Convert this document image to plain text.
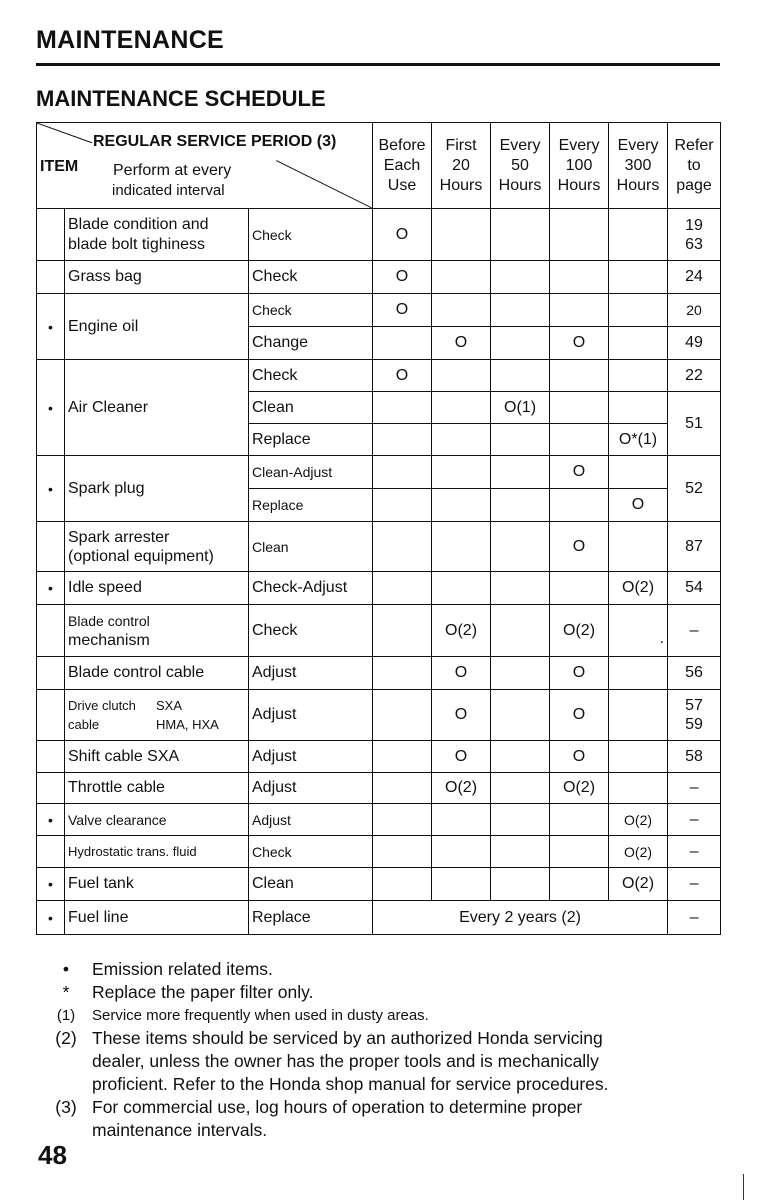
MAINTENANCE
MAINTENANCE SCHEDULE
REGULAR SERVICE PERIOD (3)
ITEM Perform at every
indicated interval			Before
Each
Use	First
20
Hours	Every
50
Hours	Every
100
Hours	Every
300
Hours	Refer
to
page
	Blade condition and
blade bolt tighiness	Check	O					19
63
	Grass bag	Check	O					24
•	Engine oil	Check	O					20
		Change		O		O		49
•	Air Cleaner	Check	O					22
		Clean			O(1)			51
		Replace					O*(1)	
•	Spark plug	Clean-Adjust				O		52
		Replace					O	
	Spark arrester
(optional equipment)	Clean				O		87
•	Idle speed	Check-Adjust					O(2)	54
	Blade control
mechanism	Check		O(2)		O(2)	.	–
	Blade control cable	Adjust		O		O		56
	Drive clutch SXA
cable HMA, HXA	Adjust		O		O		57
59
	Shift cable SXA	Adjust		O		O		58
	Throttle cable	Adjust		O(2)		O(2)		–
•	Valve clearance	Adjust					O(2)	–
	Hydrostatic trans. fluid	Check					O(2)	–
•	Fuel tank	Clean					O(2)	–
•	Fuel line	Replace	Every 2 years (2)					–
•	Emission related items.
*	Replace the paper filter only.
(1)	Service more frequently when used in dusty areas.
(2) These items should be serviced by an authorized Honda servicing
dealer, unless the owner has the proper tools and is mechanically
proficient. Refer to the Honda shop manual for service procedures.
(3) For commercial use, log hours of operation to determine proper
maintenance intervals.
48
